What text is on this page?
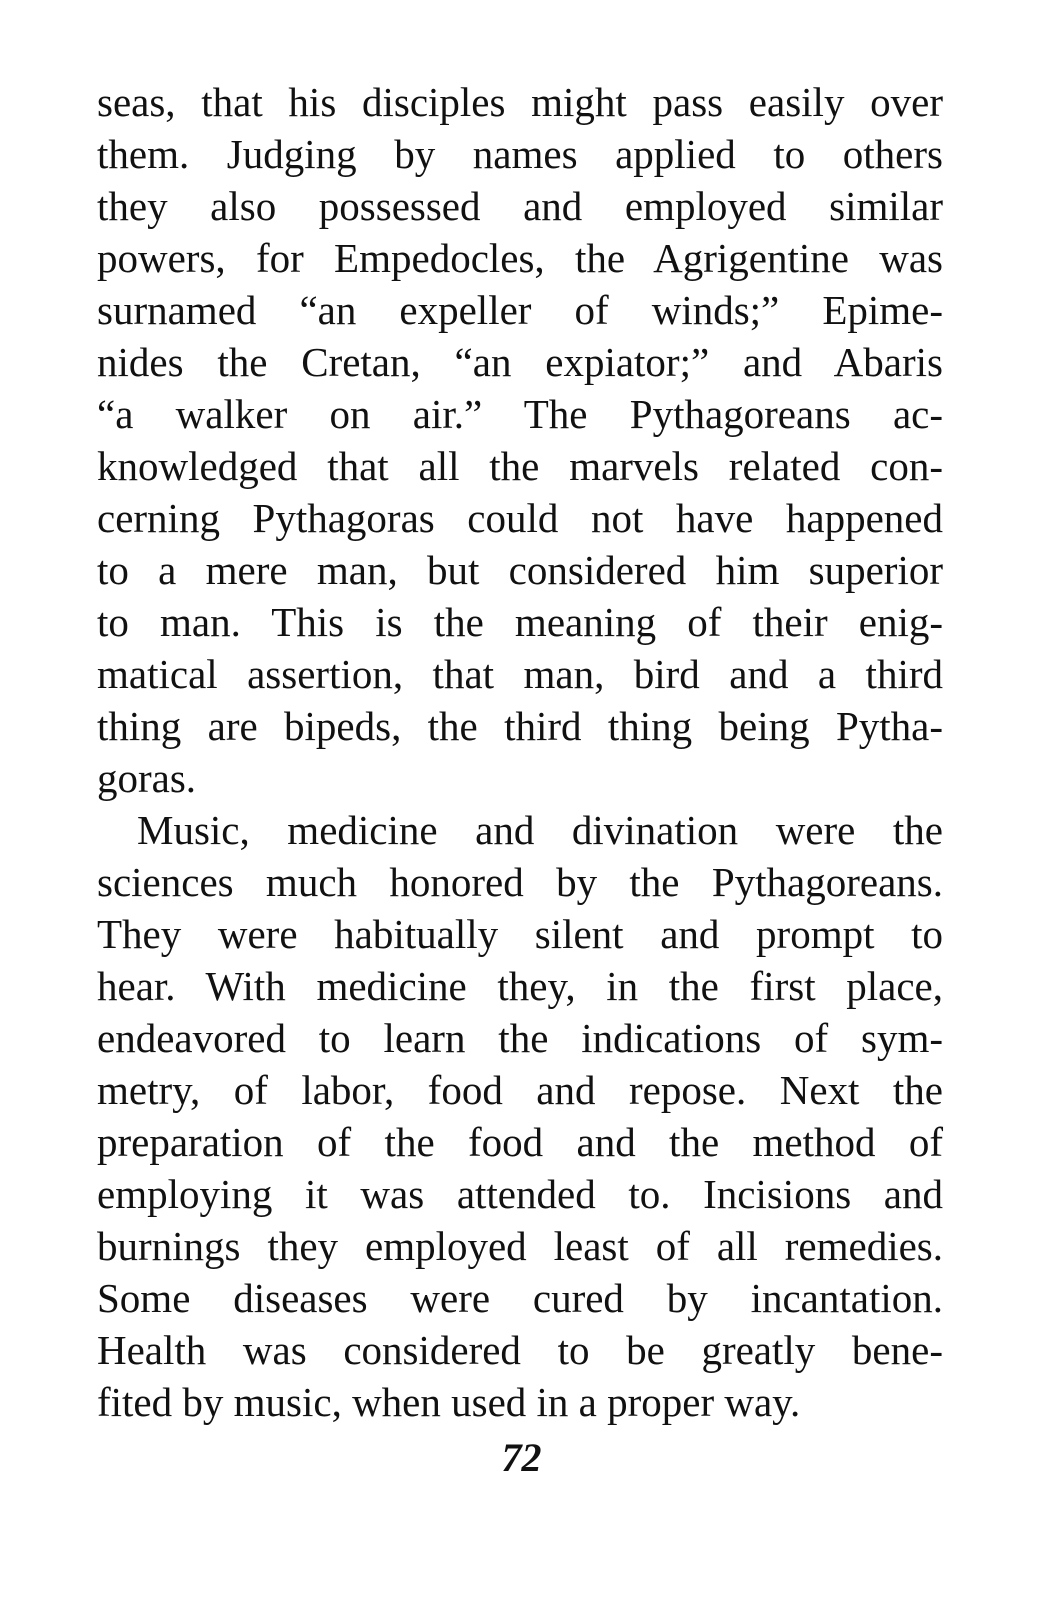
seas, that his disciples might pass easily over
them. Judging by names applied to others
they also possessed and employed similar
powers, for Empedocles, the Agrigentine was
surnamed “an expeller of winds;” Epime-
nides the Cretan, “an expiator;” and Abaris
“a walker on air.” The Pythagoreans ac-
knowledged that all the marvels related con-
cerning Pythagoras could not have happened
to a mere man, but considered him superior
to man. This is the meaning of their enig-
matical assertion, that man, bird and a third
thing are bipeds, the third thing being Pytha-
goras.
Music, medicine and divination were the
sciences much honored by the Pythagoreans.
They were habitually silent and prompt to
hear. With medicine they, in the first place,
endeavored to learn the indications of sym-
metry, of labor, food and repose. Next the
preparation of the food and the method of
employing it was attended to. Incisions and
burnings they employed least of all remedies.
Some diseases were cured by incantation.
Health was considered to be greatly bene-
fited by music, when used in a proper way.
72
